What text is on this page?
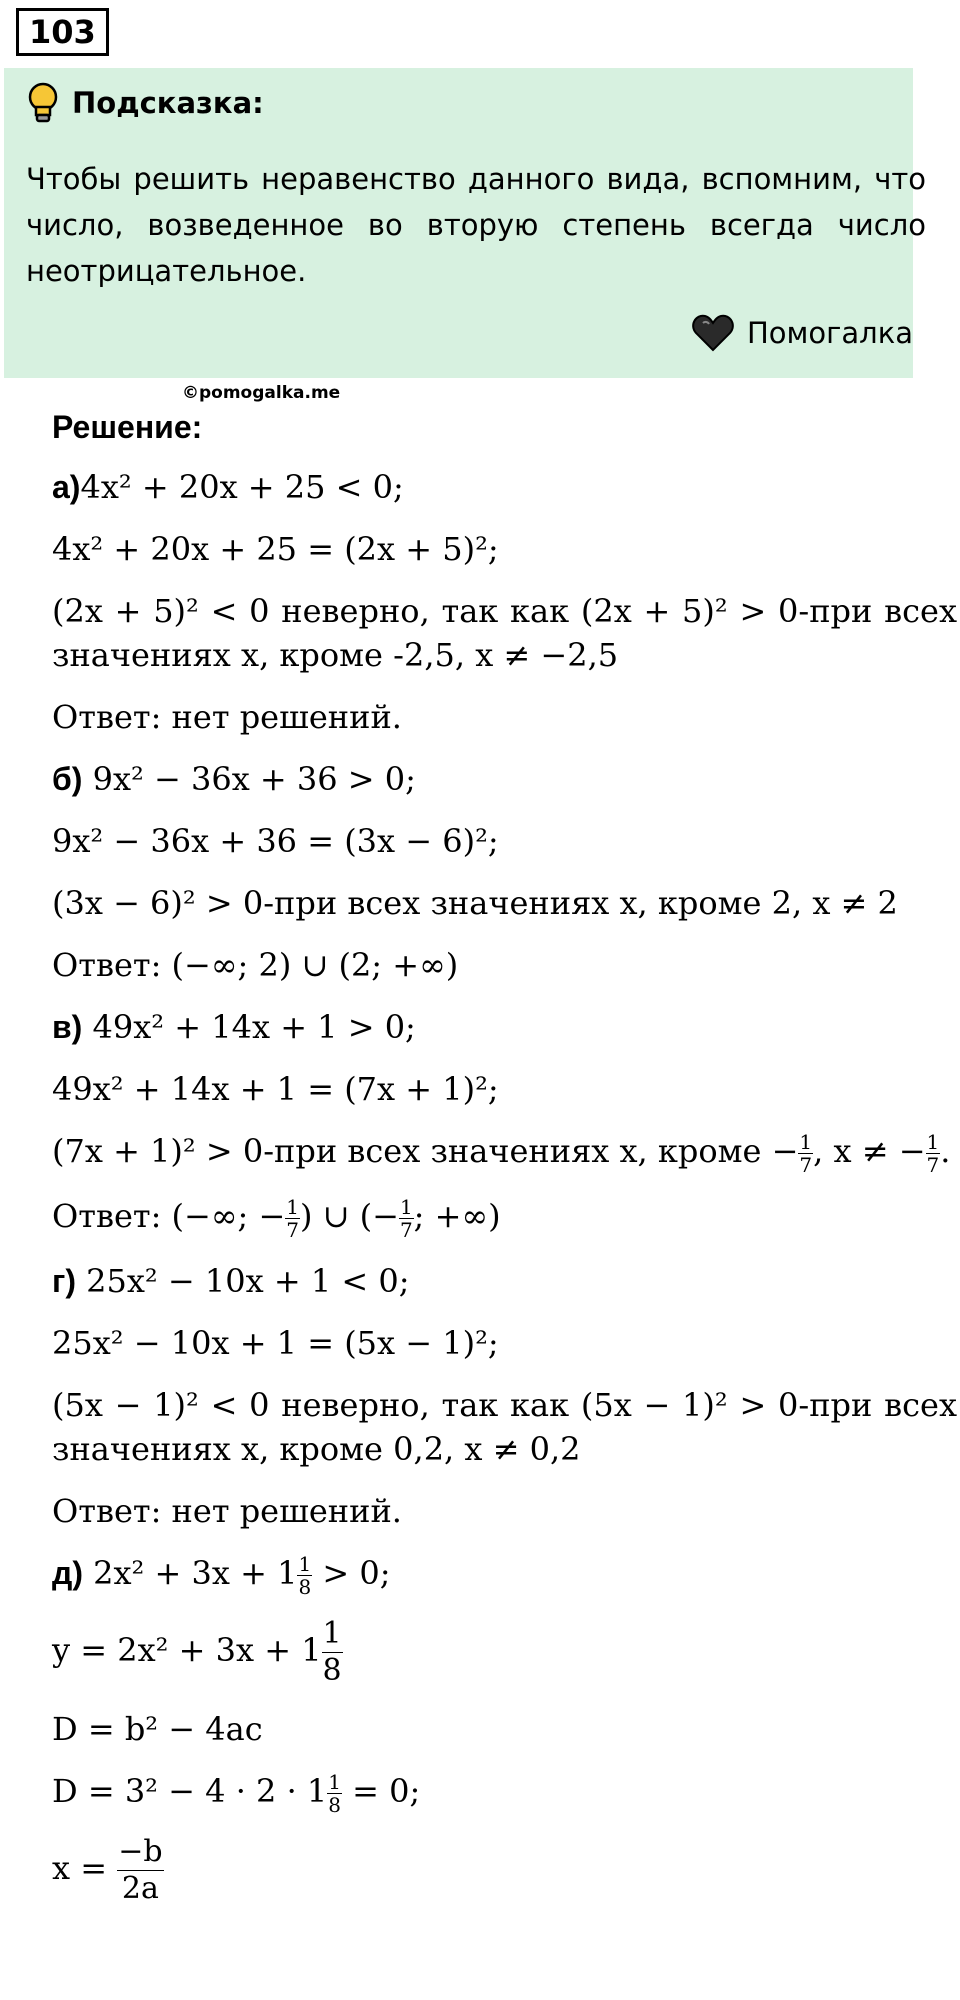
103
Подсказка:
Чтобы решить неравенство данного вида, вспомним, что число, возведенное во вторую степень всегда число неотрицательное.
Помогалка
©pomogalka.me
Решение:
а)4x² + 20x + 25 < 0;
4x² + 20x + 25 = (2x + 5)²;
(2x + 5)² < 0 неверно, так как (2x + 5)² > 0-при всех
значениях x, кроме -2,5, x ≠ −2,5
Ответ: нет решений.
б) 9x² − 36x + 36 > 0;
9x² − 36x + 36 = (3x − 6)²;
(3x − 6)² > 0-при всех значениях x, кроме 2, x ≠ 2
Ответ: (−∞; 2) ∪ (2; +∞)
в) 49x² + 14x + 1 > 0;
49x² + 14x + 1 = (7x + 1)²;
(7x + 1)² > 0-при всех значениях x, кроме − $\frac{1}{7}$ , x ≠ − $\frac{1}{7}$ .
Ответ: (−∞; − $\frac{1}{7}$ ) ∪ (− $\frac{1}{7}$ ; +∞)
г) 25x² − 10x + 1 < 0;
25x² − 10x + 1 = (5x − 1)²;
(5x − 1)² < 0 неверно, так как (5x − 1)² > 0-при всех
значениях x, кроме 0,2, x ≠ 0,2
Ответ: нет решений.
д) $2x^2 + 3x + 1 \frac{1}{8} > 0$;
$y = 2x^2 + 3x + 1 \frac{1}{8}$
D = b² − 4ac
$D = 3^2 - 4 \cdot 2 \cdot 1 \frac{1}{8} = 0$;
$x = \frac{-b}{2a}$
